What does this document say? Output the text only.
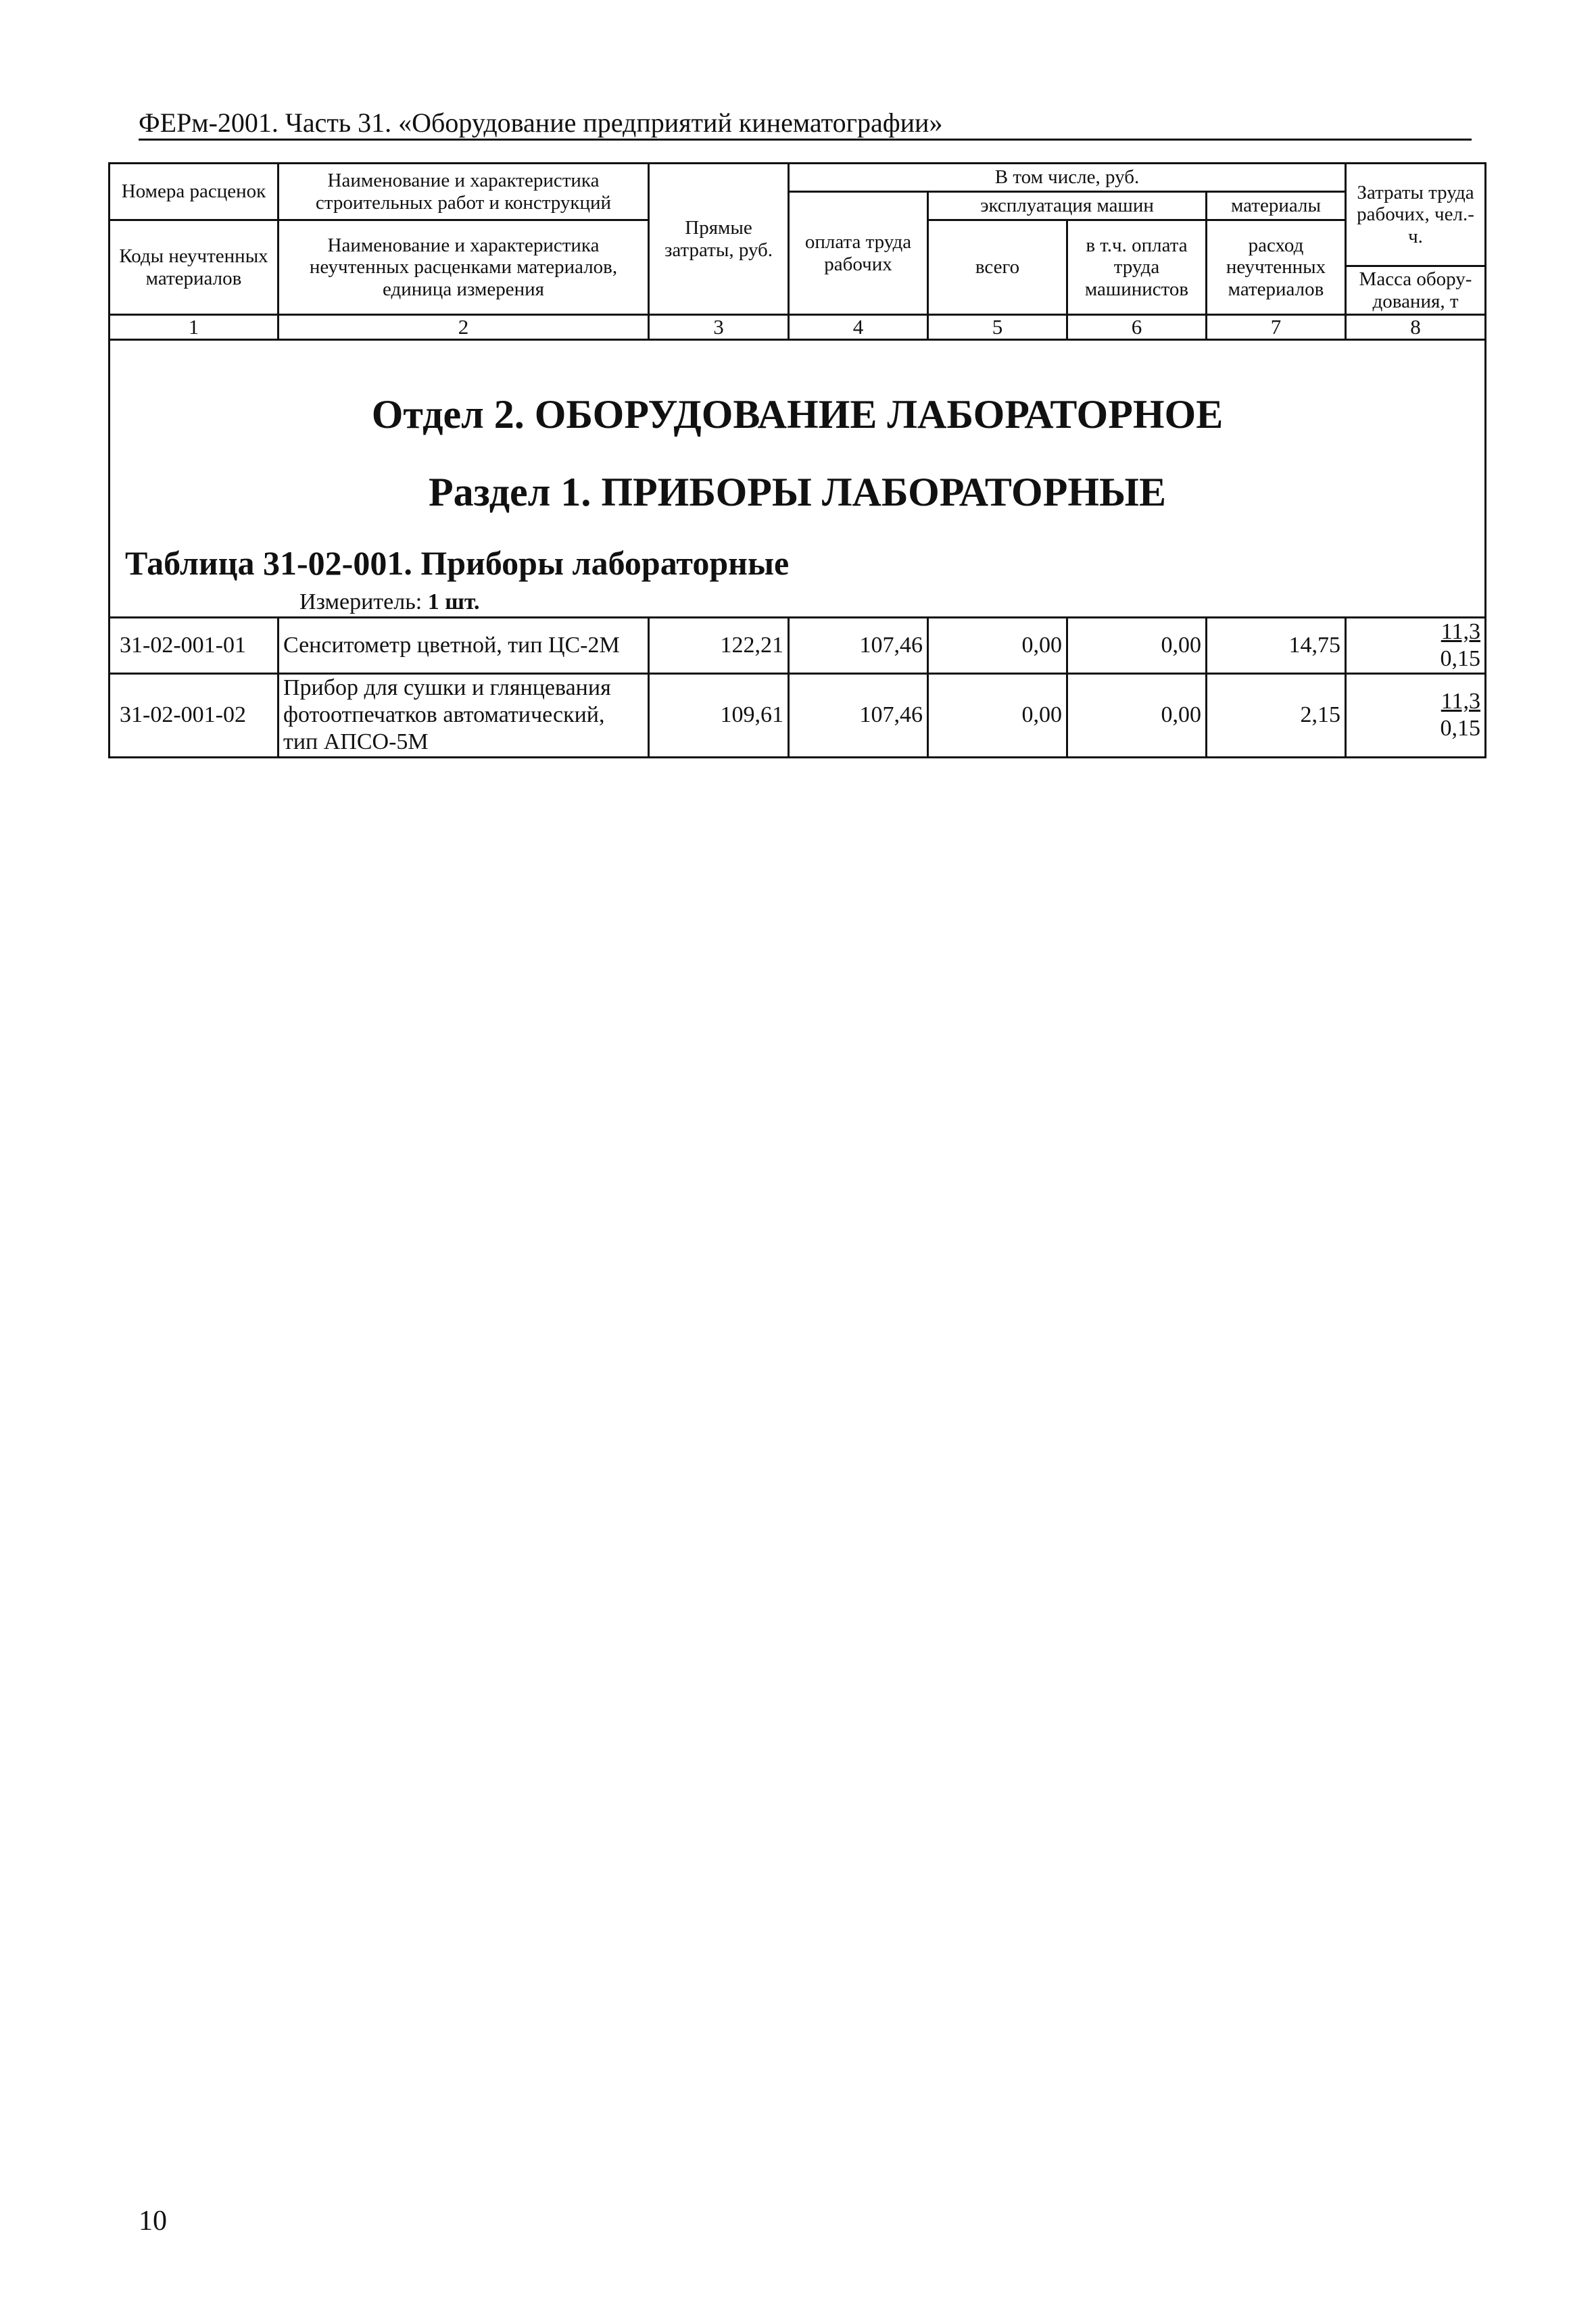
ФЕРм-2001. Часть 31. «Оборудование предприятий кинематографии»
Номера расценок	Наименование и характеристика строительных работ и конструкций	Прямые затраты, руб.	В том числе, руб.				Затраты труда рабочих, чел.-ч.
			оплата труда рабочих	эксплуатация машин		материалы	
Коды неучтенных материалов	Наименование и характеристика неучтенных расценками материалов, единица измерения			всего	в т.ч. оплата труда машинистов	расход неучтенных материалов	
							Масса обору-дования, т
1	2	3	4	5	6	7	8

Отдел 2. ОБОРУДОВАНИЕ ЛАБОРАТОРНОЕ
Раздел 1. ПРИБОРЫ ЛАБОРАТОРНЫЕ
Таблица 31-02-001. Приборы лабораторные
Измеритель: 1 шт.							

31-02-001-01	Сенситометр цветной, тип ЦС-2М	122,21	107,46	0,00	0,00	14,75	11,3
0,15

31-02-001-02	Прибор для сушки и глянцевания фотоотпечатков автоматический, тип АПСО-5М	109,61	107,46	0,00	0,00	2,15	11,3
0,15
10
